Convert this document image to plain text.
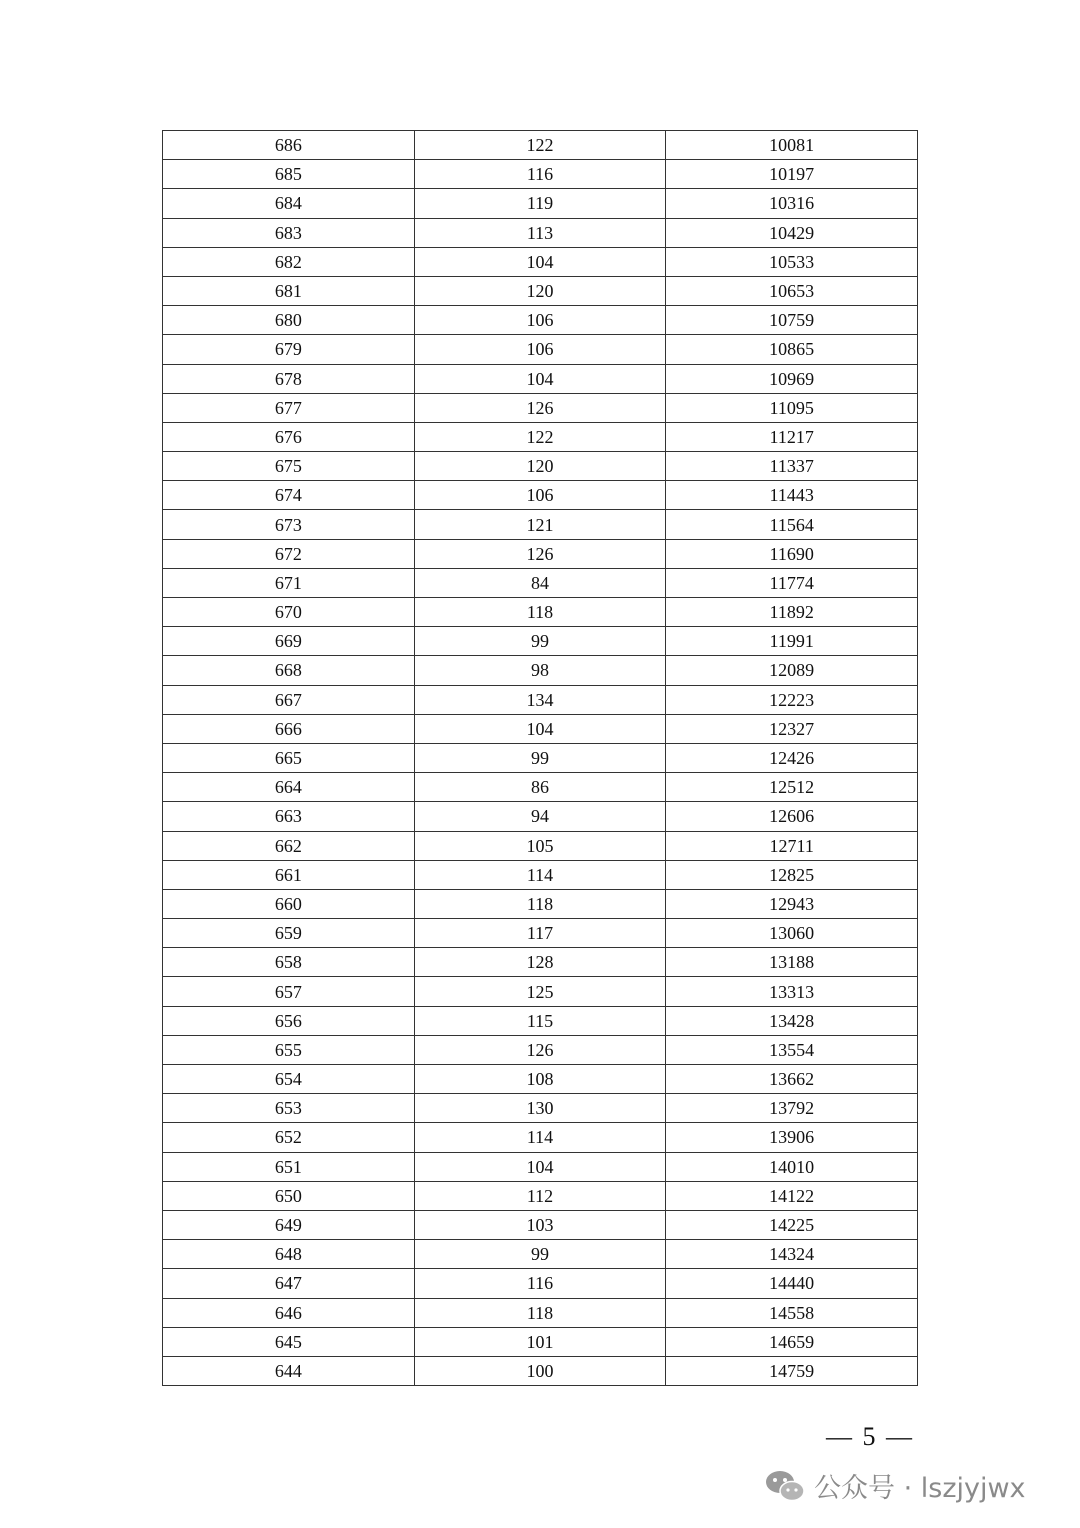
686	122	10081
685	116	10197
684	119	10316
683	113	10429
682	104	10533
681	120	10653
680	106	10759
679	106	10865
678	104	10969
677	126	11095
676	122	11217
675	120	11337
674	106	11443
673	121	11564
672	126	11690
671	84	11774
670	118	11892
669	99	11991
668	98	12089
667	134	12223
666	104	12327
665	99	12426
664	86	12512
663	94	12606
662	105	12711
661	114	12825
660	118	12943
659	117	13060
658	128	13188
657	125	13313
656	115	13428
655	126	13554
654	108	13662
653	130	13792
652	114	13906
651	104	14010
650	112	14122
649	103	14225
648	99	14324
647	116	14440
646	118	14558
645	101	14659
644	100	14759
— 5 —
公众号 · lszjyjwx
